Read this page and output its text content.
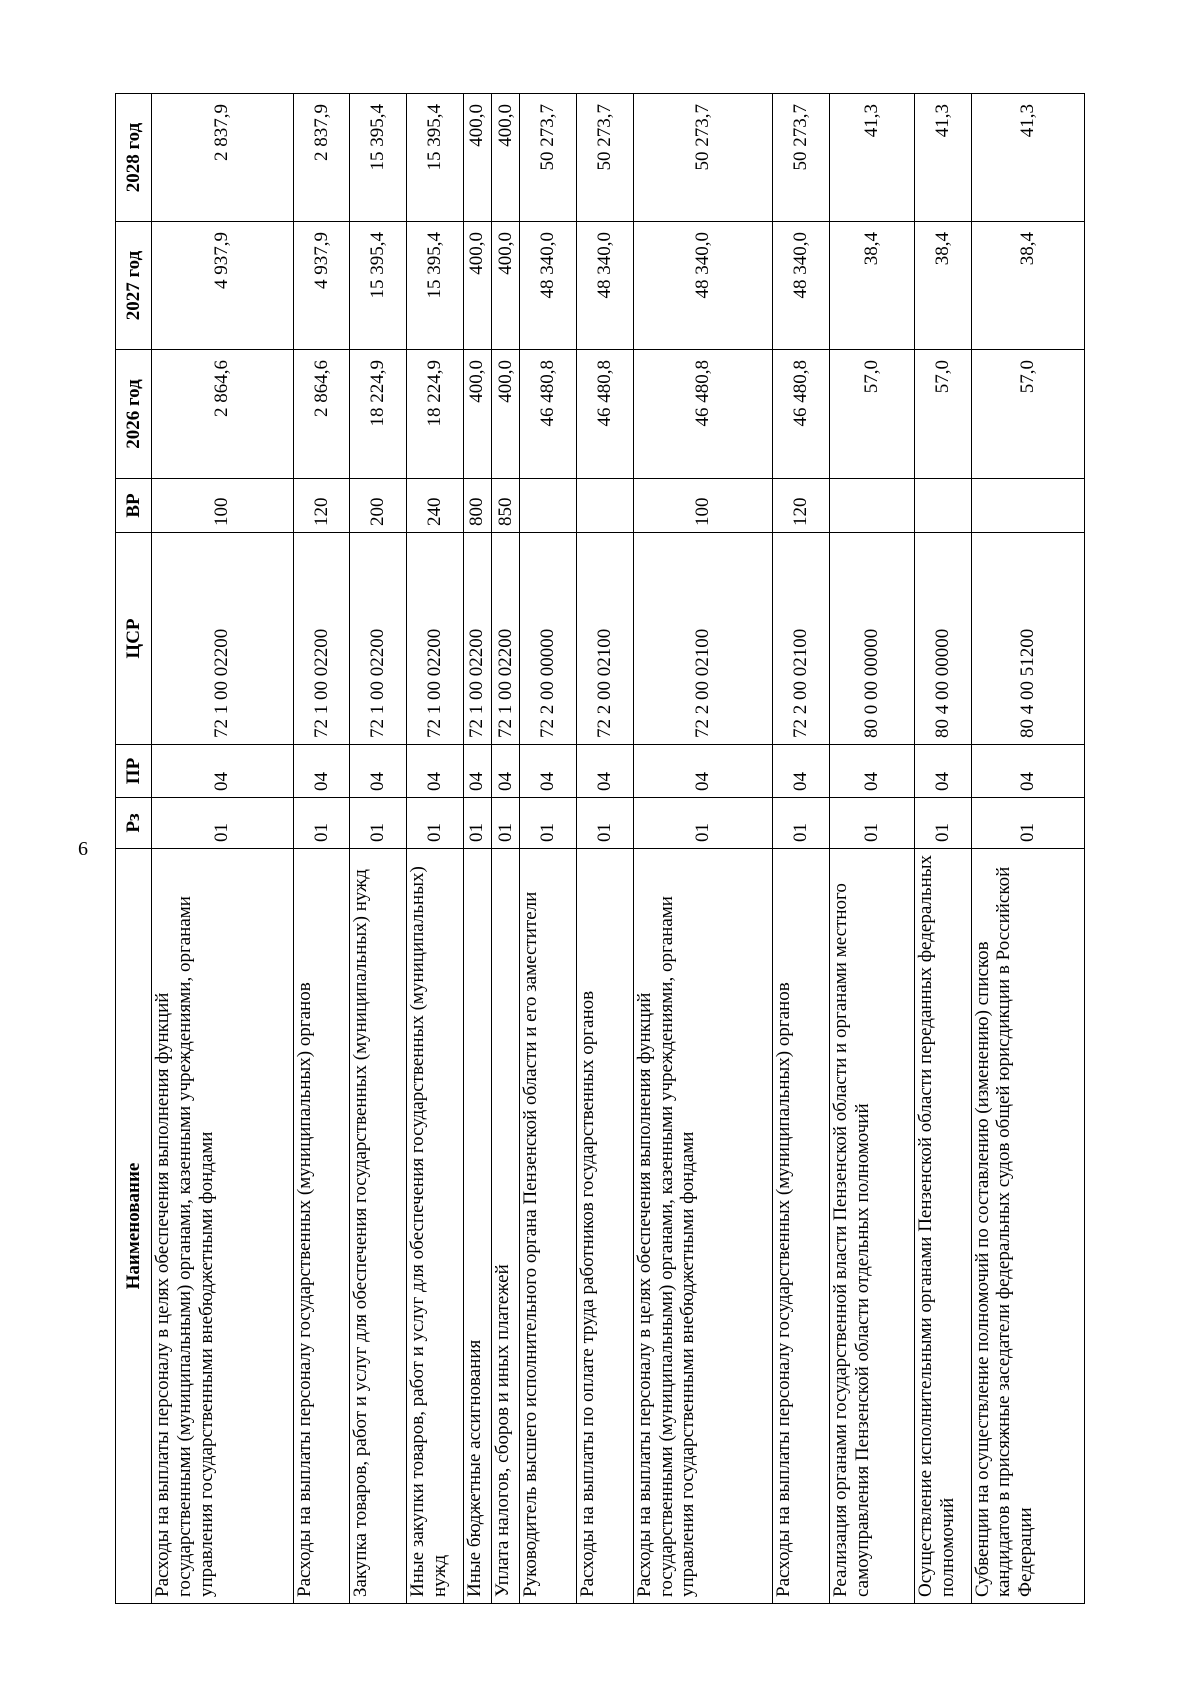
6
Наименование	Рз	ПР	ЦСР	ВР	2026 год	2027 год	2028 год
Расходы на выплаты персоналу в целях обеспечения выполнения функций государственными (муниципальными) органами, казенными учреждениями, органами управления государственными внебюджетными фондами	01	04	72 1 00 02200	100	2 864,6	4 937,9	2 837,9
Расходы на выплаты персоналу государственных (муниципальных) органов	01	04	72 1 00 02200	120	2 864,6	4 937,9	2 837,9
Закупка товаров, работ и услуг для обеспечения государственных (муниципальных) нужд	01	04	72 1 00 02200	200	18 224,9	15 395,4	15 395,4
Иные закупки товаров, работ и услуг для обеспечения государственных (муниципальных) нужд	01	04	72 1 00 02200	240	18 224,9	15 395,4	15 395,4
Иные бюджетные ассигнования	01	04	72 1 00 02200	800	400,0	400,0	400,0
Уплата налогов, сборов и иных платежей	01	04	72 1 00 02200	850	400,0	400,0	400,0
Руководитель высшего исполнительного органа Пензенской области и его заместители	01	04	72 2 00 00000		46 480,8	48 340,0	50 273,7
Расходы на выплаты по оплате труда работников государственных органов	01	04	72 2 00 02100		46 480,8	48 340,0	50 273,7
Расходы на выплаты персоналу в целях обеспечения выполнения функций государственными (муниципальными) органами, казенными учреждениями, органами управления государственными внебюджетными фондами	01	04	72 2 00 02100	100	46 480,8	48 340,0	50 273,7
Расходы на выплаты персоналу государственных (муниципальных) органов	01	04	72 2 00 02100	120	46 480,8	48 340,0	50 273,7
Реализация органами государственной власти Пензенской области и органами местного самоуправления Пензенской области отдельных полномочий	01	04	80 0 00 00000		57,0	38,4	41,3
Осуществление исполнительными органами Пензенской области переданных федеральных полномочий	01	04	80 4 00 00000		57,0	38,4	41,3
Субвенции на осуществление полномочий по составлению (изменению) списков кандидатов в присяжные заседатели федеральных судов общей юрисдикции в Российской Федерации	01	04	80 4 00 51200		57,0	38,4	41,3
